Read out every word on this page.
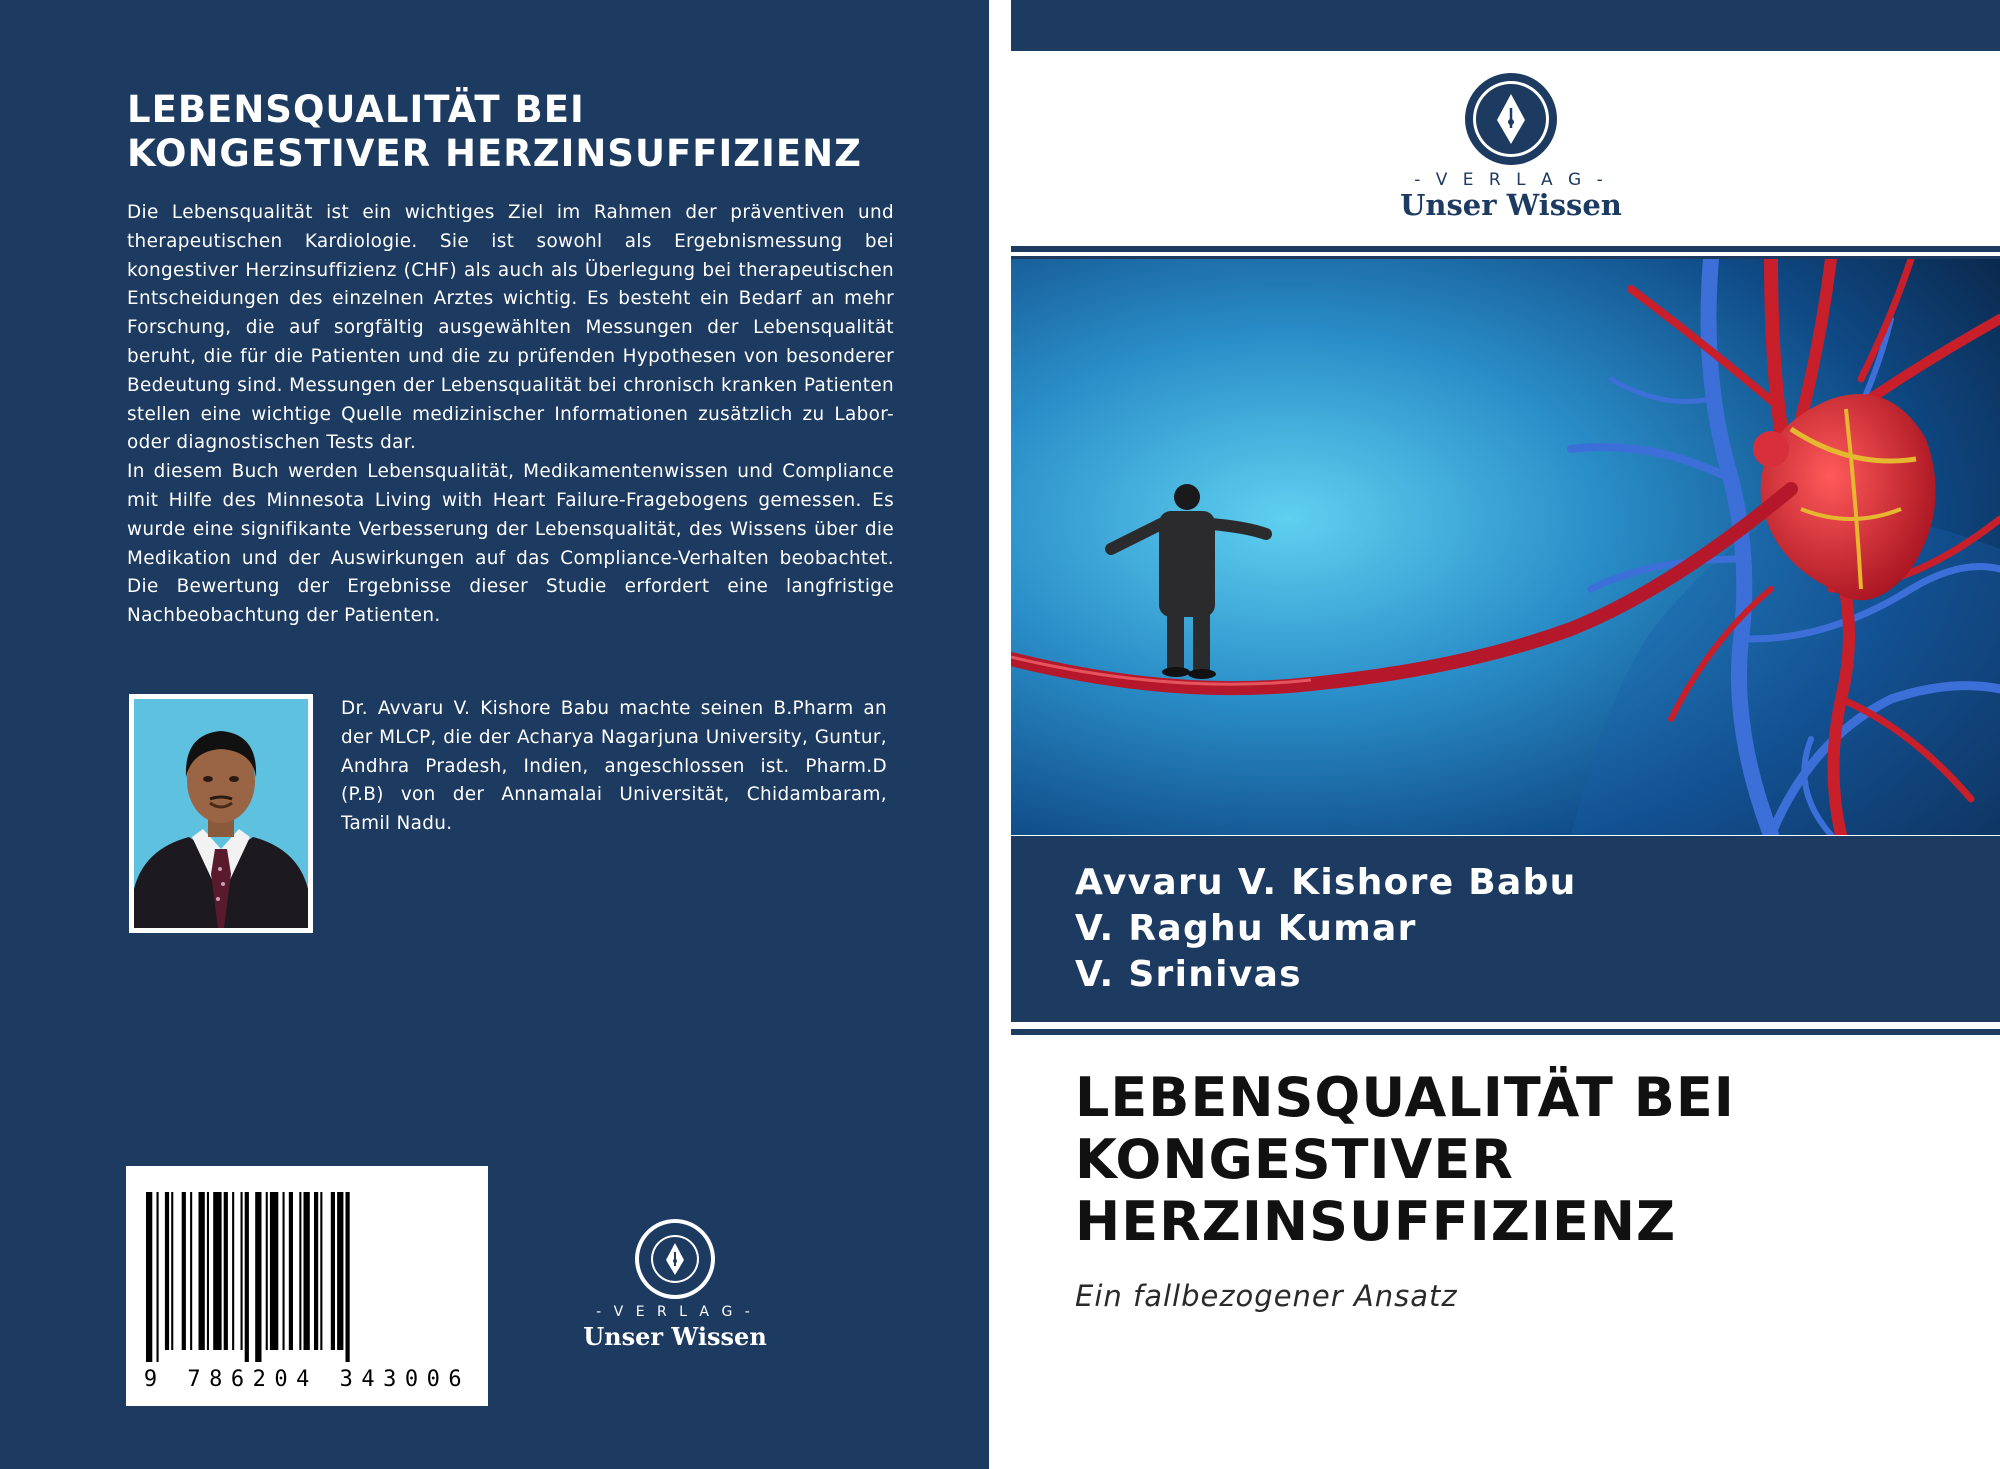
LEBENSQUALITÄT BEI
KONGESTIVER HERZINSUFFIZIENZ

Die Lebensqualität ist ein wichtiges Ziel im Rahmen der präventiven und therapeutischen Kardiologie. Sie ist sowohl als Ergebnismessung bei kongestiver Herzinsuffizienz (CHF) als auch als Überlegung bei therapeutischen Entscheidungen des einzelnen Arztes wichtig. Es besteht ein Bedarf an mehr Forschung, die auf sorgfältig ausgewählten Messungen der Lebensqualität beruht, die für die Patienten und die zu prüfenden Hypothesen von besonderer Bedeutung sind. Messungen der Lebensqualität bei chronisch kranken Patienten stellen eine wichtige Quelle medizinischer Informationen zusätzlich zu Labor- oder diagnostischen Tests dar.

In diesem Buch werden Lebensqualität, Medikamentenwissen und Compliance mit Hilfe des Minnesota Living with Heart Failure-Fragebogens gemessen. Es wurde eine signifikante Verbesserung der Lebensqualität, des Wissens über die Medikation und der Auswirkungen auf das Compliance-Verhalten beobachtet. Die Bewertung der Ergebnisse dieser Studie erfordert eine langfristige Nachbeobachtung der Patienten.

Dr. Avvaru V. Kishore Babu machte seinen B.Pharm an der MLCP, die der Acharya Nagarjuna University, Guntur, Andhra Pradesh, Indien, angeschlossen ist. Pharm.D (P.B) von der Annamalai Universität, Chidambaram, Tamil Nadu.
9 786204 343006
- V E R L A G -
Unser Wissen
- V E R L A G -
Unser Wissen
Avvaru V. Kishore Babu
V. Raghu Kumar
V. Srinivas
LEBENSQUALITÄT BEI
KONGESTIVER
HERZINSUFFIZIENZ
Ein fallbezogener Ansatz
